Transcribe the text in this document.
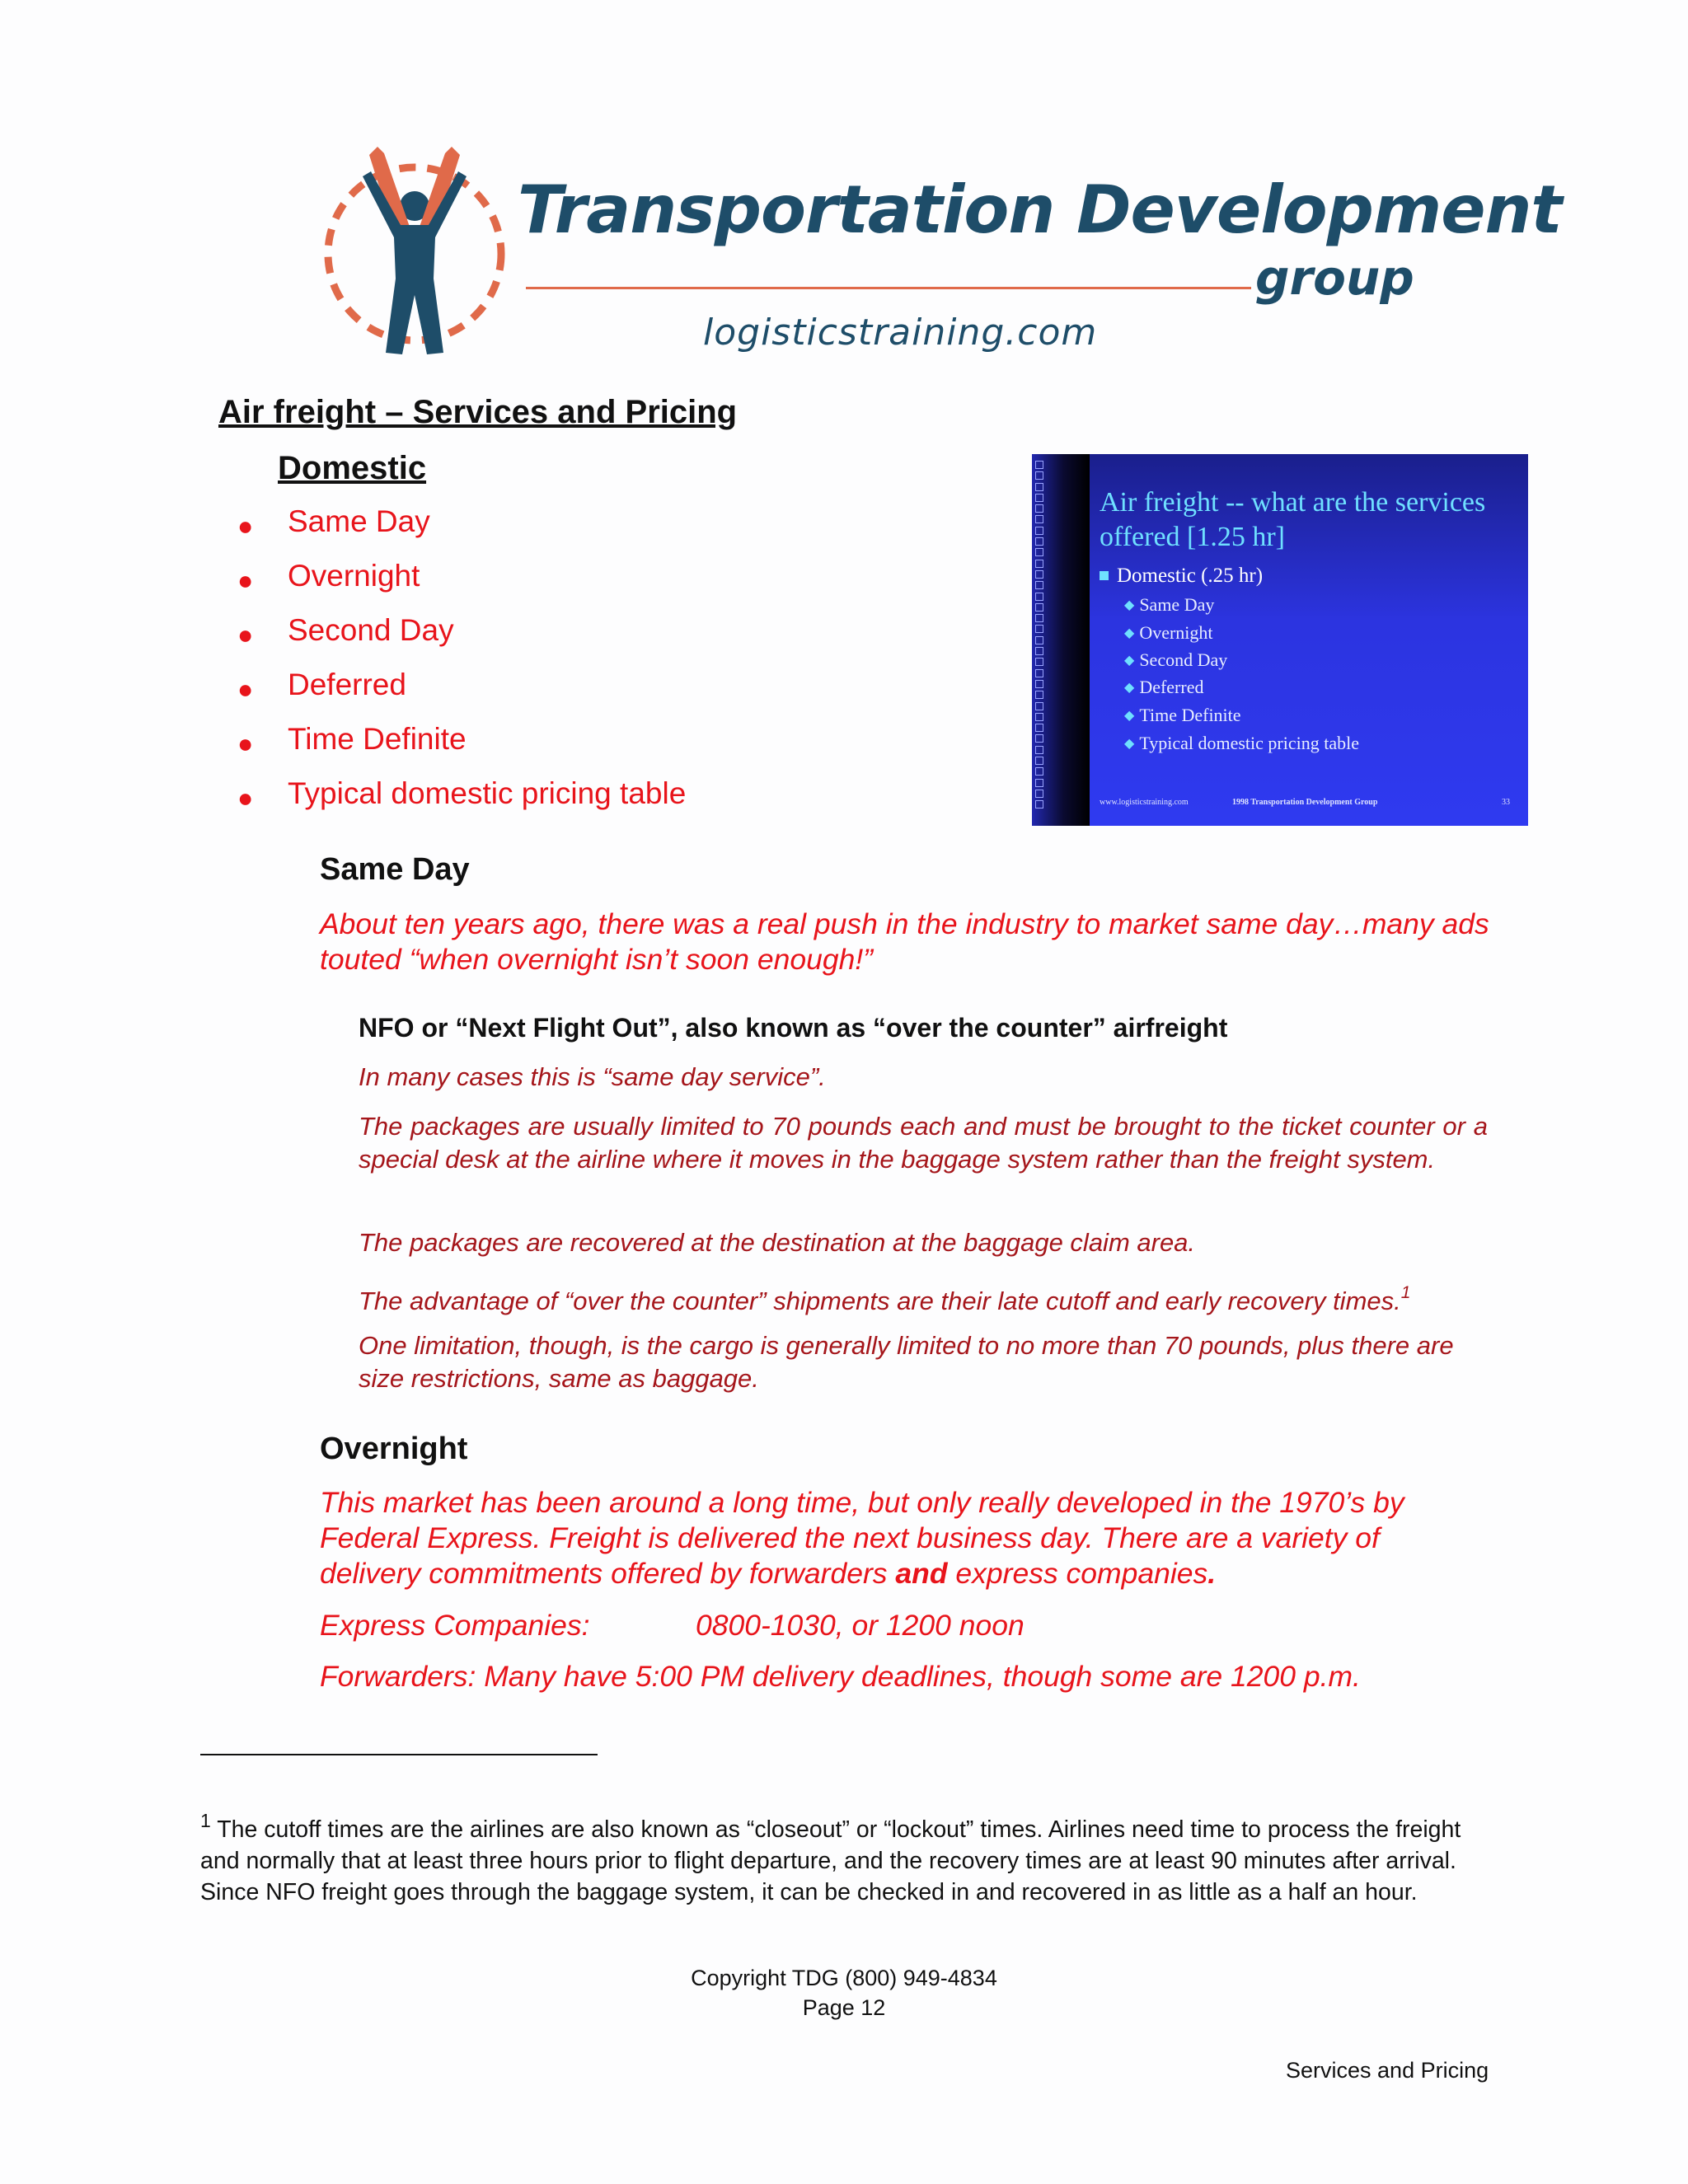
Transportation Development
group
logisticstraining.com
Air freight – Services and Pricing
Domestic
● Same Day
● Overnight
● Second Day
● Deferred
● Time Definite
● Typical domestic pricing table
Air freight -- what are the services offered [1.25 hr]
Domestic (.25 hr)
◆ Same Day
◆ Overnight
◆ Second Day
◆ Deferred
◆ Time Definite
◆ Typical domestic pricing table
www.logisticstraining.com	1998 Transportation Development Group	33
Same Day
About ten years ago, there was a real push in the industry to market same day…many ads touted “when overnight isn’t soon enough!”
NFO or “Next Flight Out”, also known as “over the counter” airfreight
In many cases this is “same day service”.
The packages are usually limited to 70 pounds each and must be brought to the ticket counter or a special desk at the airline where it moves in the baggage system rather than the freight system.
The packages are recovered at the destination at the baggage claim area.
The advantage of “over the counter” shipments are their late cutoff and early recovery times.$^1$
One limitation, though, is the cargo is generally limited to no more than 70 pounds, plus there are size restrictions, same as baggage.
Overnight
This market has been around a long time, but only really developed in the 1970’s by Federal Express. Freight is delivered the next business day. There are a variety of delivery commitments offered by forwarders and express companies.
Express Companies:	0800-1030, or 1200 noon
Forwarders: Many have 5:00 PM delivery deadlines, though some are 1200 p.m.
$^1$ The cutoff times are the airlines are also known as “closeout” or “lockout” times. Airlines need time to process the freight and normally that at least three hours prior to flight departure, and the recovery times are at least 90 minutes after arrival. Since NFO freight goes through the baggage system, it can be checked in and recovered in as little as a half an hour.
Copyright TDG (800) 949-4834
Page 12
Services and Pricing
